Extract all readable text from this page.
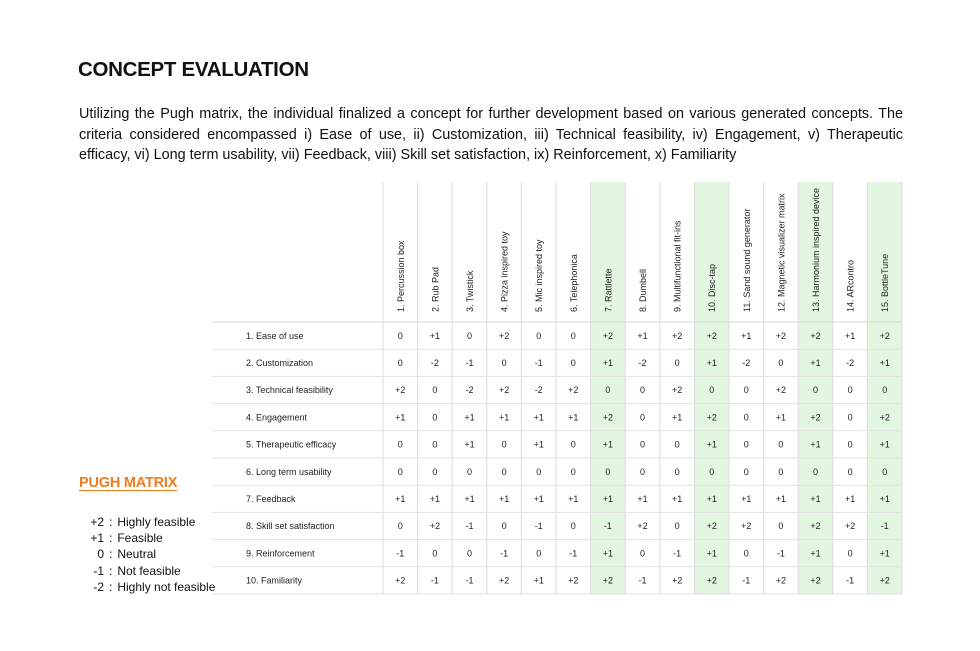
CONCEPT EVALUATION
Utilizing the Pugh matrix, the individual finalized a concept for further development based on various generated concepts. The criteria considered encompassed i) Ease of use, ii) Customization, iii) Technical feasibility, iv) Engagement, v) Therapeutic efficacy, vi) Long term usability, vii) Feedback, viii) Skill set satisfaction, ix) Reinforcement, x) Familiarity
1. Percussion box	2. Rub Pad	3. Twistick	4. Pizza inspired toy	5. Mic inspired toy	6. Telephonica	7. Rattlette	8. Dumbell	9. Multifunctional fit-ins	10. Disc-tap	11. Sand sound generator	12. Magnetic visualizer matrix	13. Harmonium inspired device	14. ARcontro	15. BottleTune
1. Ease of use	0	+1	0	+2	0	0	+2	+1	+2	+2	+1	+2	+2	+1	+2
2. Customization	0	-2	-1	0	-1	0	+1	-2	0	+1	-2	0	+1	-2	+1
3. Technical feasibility	+2	0	-2	+2	-2	+2	0	0	+2	0	0	+2	0	0	0
4. Engagement	+1	0	+1	+1	+1	+1	+2	0	+1	+2	0	+1	+2	0	+2
5. Therapeutic efficacy	0	0	+1	0	+1	0	+1	0	0	+1	0	0	+1	0	+1
6. Long term usability	0	0	0	0	0	0	0	0	0	0	0	0	0	0	0
7. Feedback	+1	+1	+1	+1	+1	+1	+1	+1	+1	+1	+1	+1	+1	+1	+1
8. Skill set satisfaction	0	+2	-1	0	-1	0	-1	+2	0	+2	+2	0	+2	+2	-1
9. Reinforcement	-1	0	0	-1	0	-1	+1	0	-1	+1	0	-1	+1	0	+1
10. Familiarity	+2	-1	-1	+2	+1	+2	+2	-1	+2	+2	-1	+2	+2	-1	+2
PUGH MATRIX
+2 :
Highly feasible
+1 :
Feasible
0 :
Neutral
-1 :
Not feasible
-2 :
Highly not feasible
